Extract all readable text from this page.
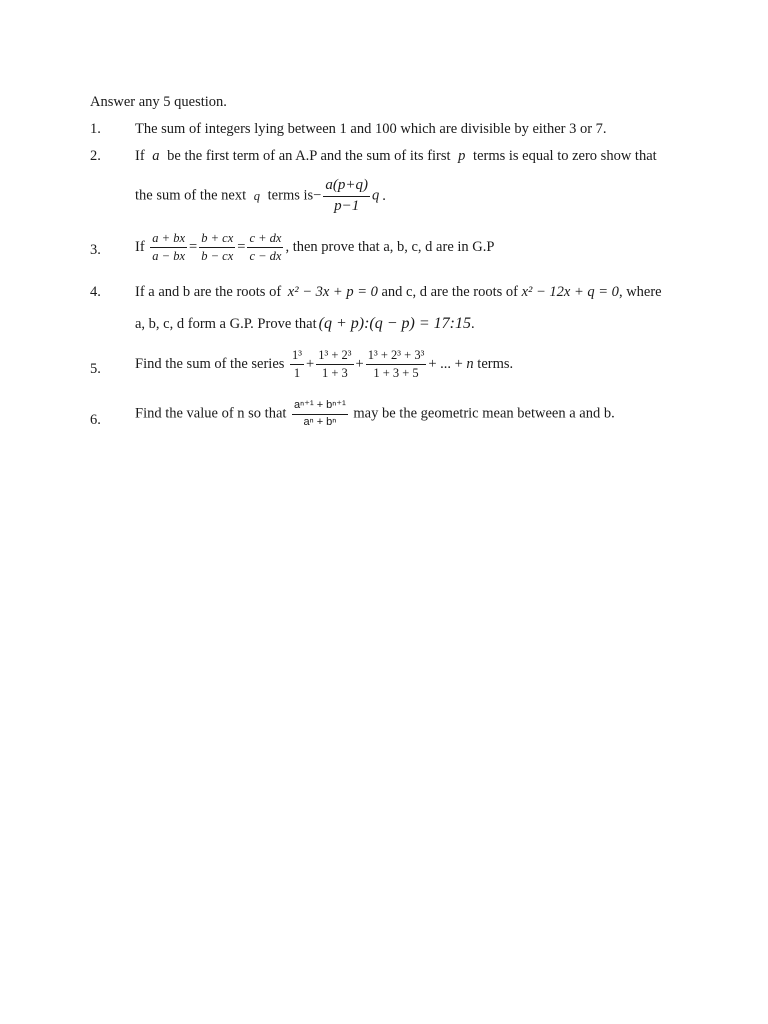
Answer any 5 question.
1. The sum of integers lying between 1 and 100 which are divisible by either 3 or 7.
2. If a be the first term of an A.P and the sum of its first p terms is equal to zero show that
the sum of the next q terms $is- \frac{a(p+q)}{p-1}$ q .
3. If $\frac{a + bx}{a - bx} = \frac{b + cx}{b - cx} = \frac{c + dx}{c - dx}$ , then prove that a, b, c, d are in G.P
4. If a and b are the roots of x² − 3x + p = 0 and c, d are the roots of x² − 12x + q = 0, where
a, b, c, d form a G.P. Prove that (q + p):(q − p) = 17:15.
5. Find the sum of the series $\frac{\text{1³}}{1} + \frac{\text{1³ + 2³}}{1 + 3} + \frac{\text{1³ + 2³ + 3³}}{1 + 3 + 5}$ + ... + n terms.
6. Find the value of n so that $\frac{\text{aⁿ⁺¹ + bⁿ⁺¹}}{\text{aⁿ + bⁿ}}$ may be the geometric mean between a and b.
